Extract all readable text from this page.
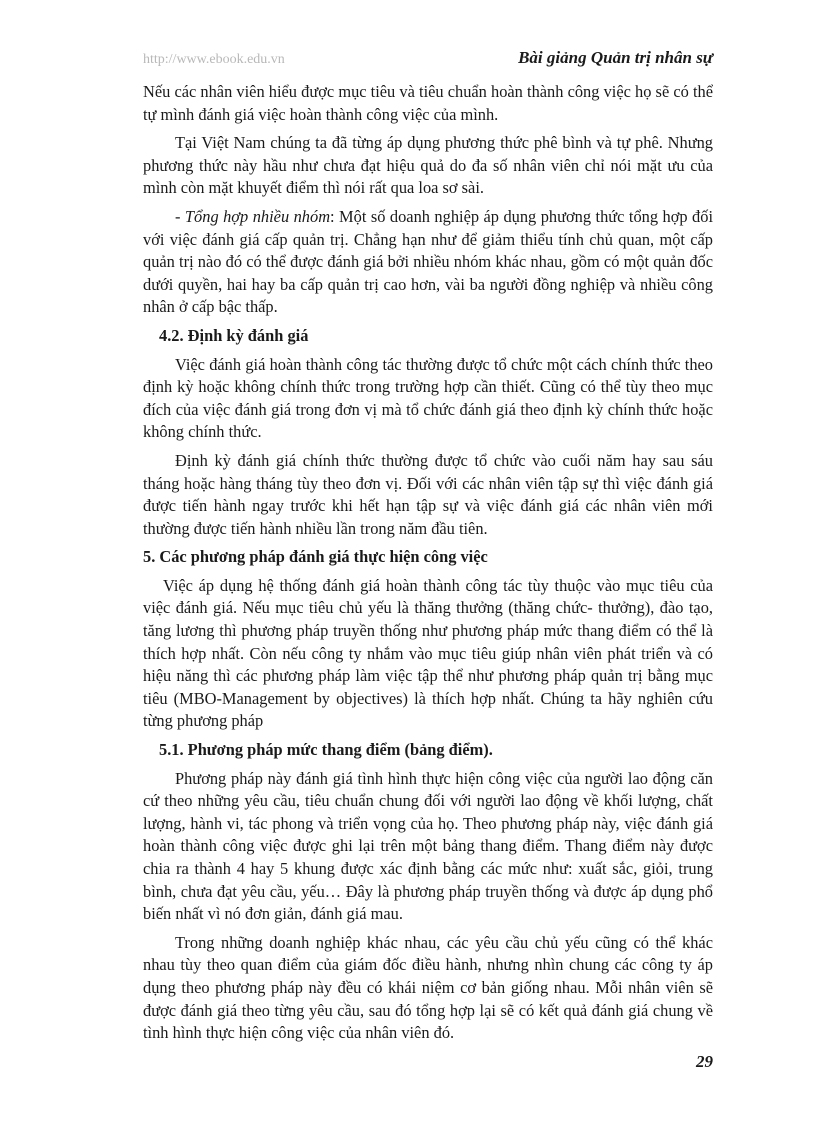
http://www.ebook.edu.vn	Bài giảng Quản trị nhân sự

Nếu các nhân viên hiểu được mục tiêu và tiêu chuẩn hoàn thành công việc họ sẽ có thể tự mình đánh giá việc hoàn thành công việc của mình.

Tại Việt Nam chúng ta đã từng áp dụng phương thức phê bình và tự phê. Nhưng phương thức này hầu như chưa đạt hiệu quả do đa số nhân viên chỉ nói mặt ưu của mình còn mặt khuyết điểm thì nói rất qua loa sơ sài.

- Tổng hợp nhiều nhóm: Một số doanh nghiệp áp dụng phương thức tổng hợp đối với việc đánh giá cấp quản trị. Chẳng hạn như để giảm thiểu tính chủ quan, một cấp quản trị nào đó có thể được đánh giá bởi nhiều nhóm khác nhau, gồm có một quản đốc dưới quyền, hai hay ba cấp quản trị cao hơn, vài ba người đồng nghiệp và nhiều công nhân ở cấp bậc thấp.

4.2. Định kỳ đánh giá

Việc đánh giá hoàn thành công tác thường được tổ chức một cách chính thức theo định kỳ hoặc không chính thức trong trường hợp cần thiết. Cũng có thể tùy theo mục đích của việc đánh giá trong đơn vị mà tổ chức đánh giá theo định kỳ chính thức hoặc không chính thức.

Định kỳ đánh giá chính thức thường được tổ chức vào cuối năm hay sau sáu tháng hoặc hàng tháng tùy theo đơn vị. Đối với các nhân viên tập sự thì việc đánh giá được tiến hành ngay trước khi hết hạn tập sự và việc đánh giá các nhân viên mới thường được tiến hành nhiều lần trong năm đầu tiên.

5. Các phương pháp đánh giá thực hiện công việc

Việc áp dụng hệ thống đánh giá hoàn thành công tác tùy thuộc vào mục tiêu của việc đánh giá. Nếu mục tiêu chủ yếu là thăng thưởng (thăng chức- thưởng), đào tạo, tăng lương thì phương pháp truyền thống như phương pháp mức thang điểm có thể là thích hợp nhất. Còn nếu công ty nhắm vào mục tiêu giúp nhân viên phát triển và có hiệu năng thì các phương pháp làm việc tập thể như phương pháp quản trị bằng mục tiêu (MBO-Management by objectives) là thích hợp nhất. Chúng ta hãy nghiên cứu từng phương pháp

5.1. Phương pháp mức thang điểm (bảng điểm).

Phương pháp này đánh giá tình hình thực hiện công việc của người lao động căn cứ theo những yêu cầu, tiêu chuẩn chung đối với người lao động về khối lượng, chất lượng, hành vi, tác phong và triển vọng của họ. Theo phương pháp này, việc đánh giá hoàn thành công việc được ghi lại trên một bảng thang điểm. Thang điểm này được chia ra thành 4 hay 5 khung được xác định bằng các mức như: xuất sắc, giỏi, trung bình, chưa đạt yêu cầu, yếu… Đây là phương pháp truyền thống và được áp dụng phổ biến nhất vì nó đơn giản, đánh giá mau.

Trong những doanh nghiệp khác nhau, các yêu cầu chủ yếu cũng có thể khác nhau tùy theo quan điểm của giám đốc điều hành, nhưng nhìn chung các công ty áp dụng theo phương pháp này đều có khái niệm cơ bản giống nhau. Mỗi nhân viên sẽ được đánh giá theo từng yêu cầu, sau đó tổng hợp lại sẽ có kết quả đánh giá chung về tình hình thực hiện công việc của nhân viên đó.

29
